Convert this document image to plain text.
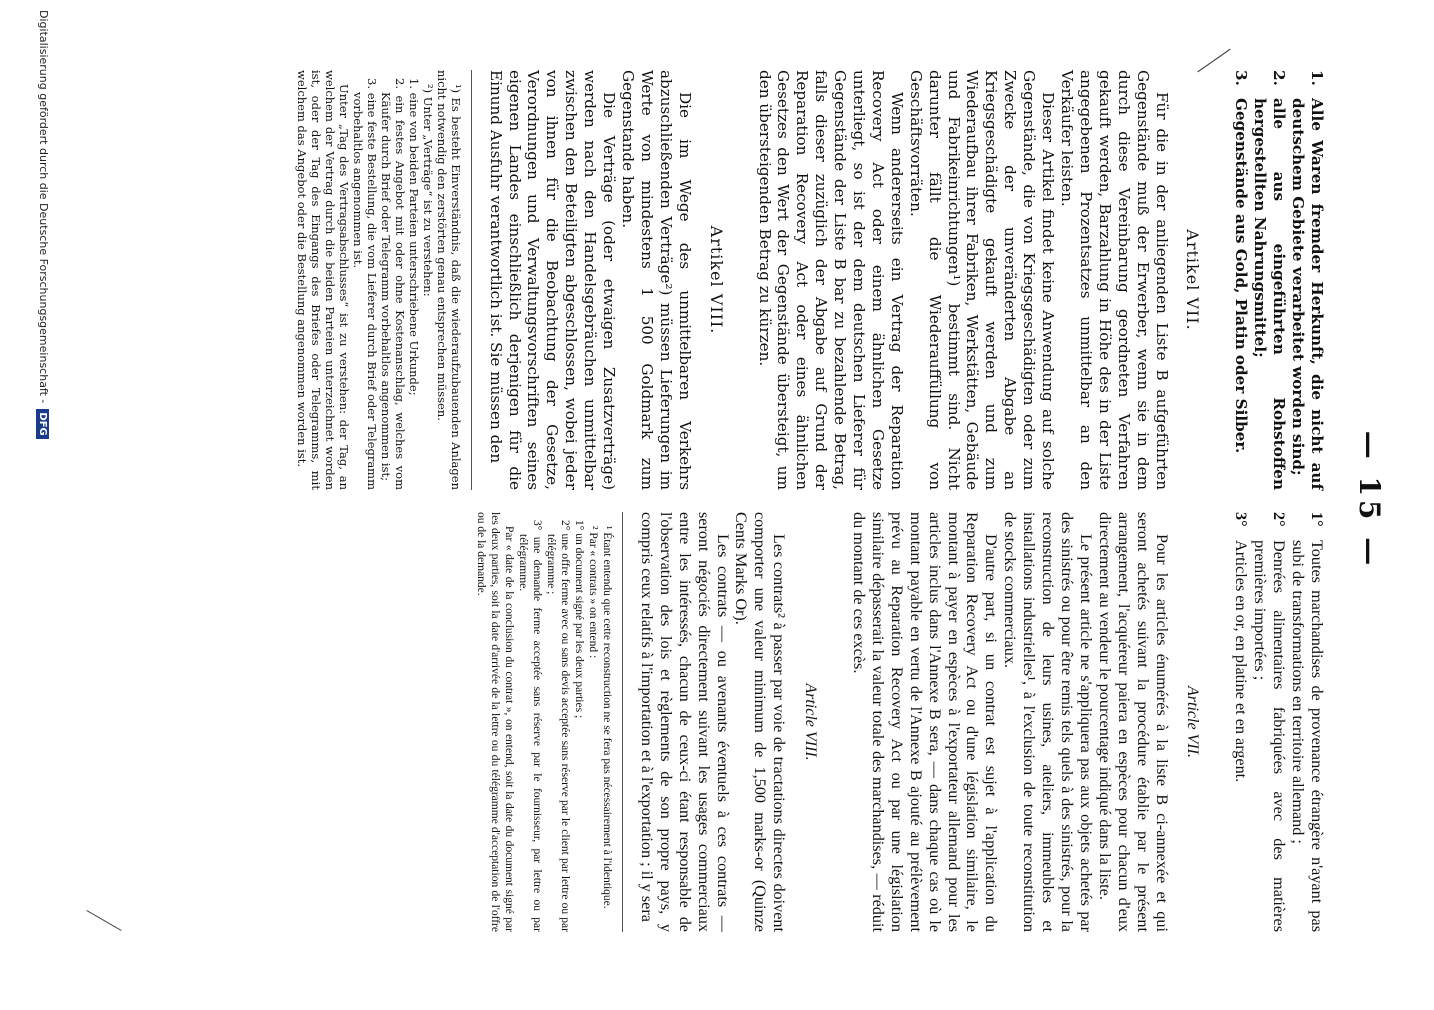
— 15 —
1.
Alle Waren fremder Herkunft, die nicht auf deutschem Gebiete verarbeitet worden sind;
2.
alle aus eingeführten Rohstoffen hergestellten Nahrungsmittel;
3.
Gegenstände aus Gold, Platin oder Silber.
Artikel VII.

Für die in der anliegenden Liste B aufgeführten Gegenstände muß der Erwerber, wenn sie in dem durch diese Vereinbarung geordneten Verfahren gekauft werden, Barzahlung in Höhe des in der Liste angegebenen Prozentsatzes unmittelbar an den Verkäufer leisten.

Dieser Artikel findet keine Anwendung auf solche Gegenstände, die von Kriegsgeschädigten oder zum Zwecke der unveränderten Abgabe an Kriegsgeschädigte gekauft werden und zum Wiederaufbau ihrer Fabriken, Werkstätten, Gebäude und Fabrikeinrichtungen¹) bestimmt sind. Nicht darunter fällt die Wiederauffüllung von Geschäftsvorräten.

Wenn andererseits ein Vertrag der Reparation Recovery Act oder einem ähnlichen Gesetze unterliegt, so ist der dem deutschen Lieferer für Gegenstände der Liste B bar zu bezahlende Betrag, falls dieser zuzüglich der Abgabe auf Grund der Reparation Recovery Act oder eines ähnlichen Gesetzes den Wert der Gegenstände übersteigt, um den übersteigenden Betrag zu kürzen.

Artikel VIII.

Die im Wege des unmittelbaren Verkehrs abzuschließenden Verträge²) müssen Lieferungen im Werte von mindestens 1 500 Goldmark zum Gegenstande haben.

Die Verträge (oder etwaigen Zusatzverträge) werden nach den Handelsgebräuchen unmittelbar zwischen den Beteiligten abgeschlossen, wobei jeder von ihnen für die Beobachtung der Gesetze, Verordnungen und Verwaltungsvorschriften seines eigenen Landes einschließlich derjenigen für die Einund Ausfuhr verantwortlich ist. Sie müssen den

¹) Es besteht Einverständnis, daß die wiederaufzubauenden Anlagen nicht notwendig den zerstörten genau entsprechen müssen.

²) Unter „Verträge“ ist zu verstehen:

1. eine von beiden Parteien unterschriebene Urkunde;

2. ein festes Angebot mit oder ohne Kostenanschlag, welches vom Käufer durch Brief oder Telegramm vorbehaltlos angenommen ist;

3. eine feste Bestellung, die vom Lieferer durch Brief oder Telegramm vorbehaltlos angenommen ist.

Unter „Tag des Vertragsabschlusses“ ist zu verstehen: der Tag, an welchem der Vertrag durch die beiden Parteien unterzeichnet worden ist, oder der Tag des Eingangs des Briefes oder Telegramms, mit welchem das Angebot oder die Bestellung angenommen worden ist.

1°
Toutes marchandises de provenance étrangère n'ayant pas subi de transformations en territoire allemand ;
2°
Denrées alimentaires fabriquées avec des matières premières importées ;
3°
Articles en or, en platine et en argent.
Article VII.

Pour les articles énumérés à la liste B ci-annexée et qui seront achetés suivant la procédure établie par le présent arrangement, l'acquéreur paiera en espèces pour chacun d'eux directement au vendeur le pourcentage indiqué dans la liste.

Le présent article ne s'appliquera pas aux objets achetés par des sinistrés ou pour être remis tels quels à des sinistrés, pour la reconstruction de leurs usines, ateliers, immeubles et installations industrielles¹, à l'exclusion de toute reconstitution de stocks commerciaux.

D'autre part, si un contrat est sujet à l'application du Reparation Recovery Act ou d'une législation similaire, le montant à payer en espèces à l'exportateur allemand pour les articles inclus dans l'Annexe B sera, — dans chaque cas où le montant payable en vertu de l'Annexe B ajouté au prélèvement prévu au Reparation Recovery Act ou par une législation similaire dépasserait la valeur totale des marchandises, — réduit du montant de ces excès.

Article VIII.

Les contrats² à passer par voie de tractations directes doivent comporter une valeur minimum de 1,500 marks-or (Quinze Cents Marks Or).

Les contrats — ou avenants éventuels à ces contrats — seront négociés directement suivant les usages commerciaux entre les intéressés, chacun de ceux-ci étant responsable de l'observation des lois et règlements de son propre pays, y compris ceux relatifs à l'importation et à l'exportation ; il y sera

¹ Étant entendu que cette reconstruction ne se fera pas nécessairement à l'identique.

² Par « contrats » on entend :

1° un document signé par les deux parties ;

2° une offre ferme avec ou sans devis acceptée sans réserve par le client par lettre ou par télégramme ;

3° une demande ferme acceptée sans réserve par le fournisseur, par lettre ou par télégramme.

Par « date de la conclusion du contrat », on entend, soit la date du document signé par les deux parties, soit la date d'arrivée de la lettre ou du télégramme d'acceptation de l'offre ou de la demande.

Digitalisierung gefördert durch die Deutsche Forschungsgemeinschaft -DFG
